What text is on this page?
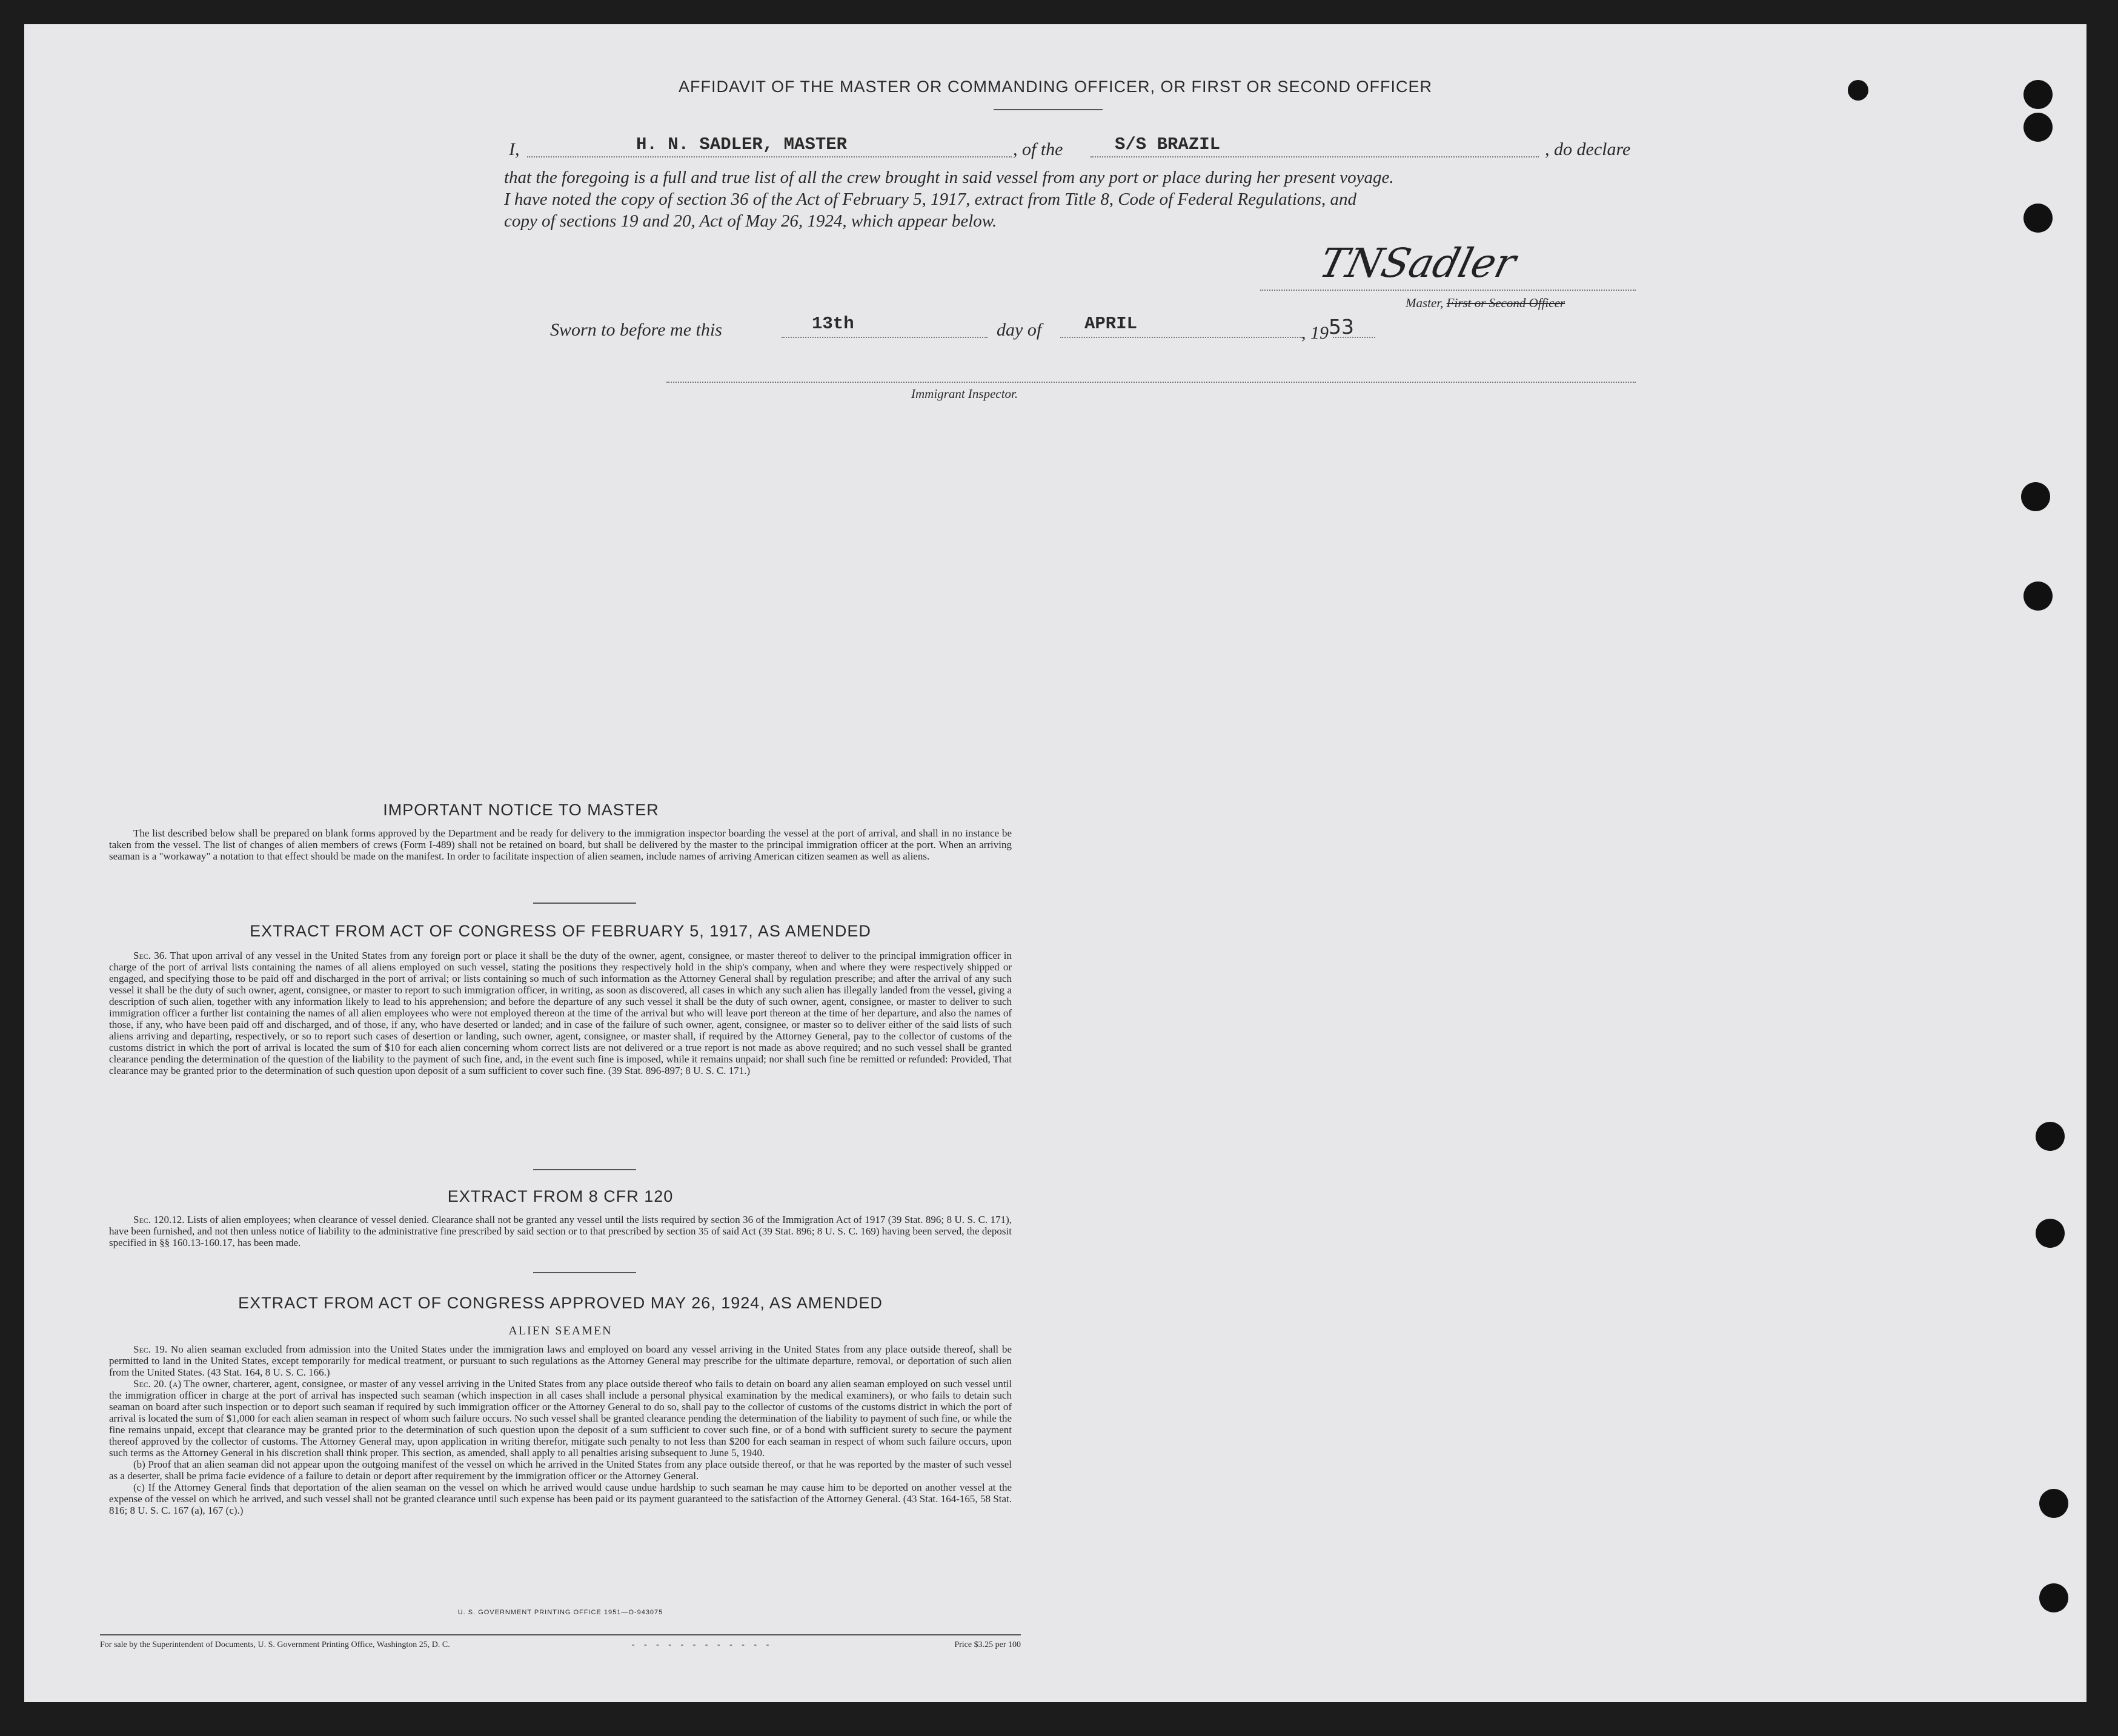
AFFIDAVIT OF THE MASTER OR COMMANDING OFFICER, OR FIRST OR SECOND OFFICER
I,	H. N. SADLER, MASTER	, of the	S/S BRAZIL	, do declare
that the foregoing is a full and true list of all the crew brought in said vessel from any port or place during her present voyage.
I have noted the copy of section 36 of the Act of February 5, 1917, extract from Title 8, Code of Federal Regulations, and
copy of sections 19 and 20, Act of May 26, 1924, which appear below.
TNSadler
Master, First or Second Officer
Sworn to before me this	13th	day of APRIL	, 1953
Immigrant Inspector.
IMPORTANT NOTICE TO MASTER

The list described below shall be prepared on blank forms approved by the Department and be ready for delivery to the immigration inspector boarding the vessel at the port of arrival, and shall in no instance be taken from the vessel. The list of changes of alien members of crews (Form I-489) shall not be retained on board, but shall be delivered by the master to the principal immigration officer at the port. When an arriving seaman is a "workaway" a notation to that effect should be made on the manifest. In order to facilitate inspection of alien seamen, include names of arriving American citizen seamen as well as aliens.

EXTRACT FROM ACT OF CONGRESS OF FEBRUARY 5, 1917, AS AMENDED

Sec. 36. That upon arrival of any vessel in the United States from any foreign port or place it shall be the duty of the owner, agent, consignee, or master thereof to deliver to the principal immigration officer in charge of the port of arrival lists containing the names of all aliens employed on such vessel, stating the positions they respectively hold in the ship's company, when and where they were respectively shipped or engaged, and specifying those to be paid off and discharged in the port of arrival; or lists containing so much of such information as the Attorney General shall by regulation prescribe; and after the arrival of any such vessel it shall be the duty of such owner, agent, consignee, or master to report to such immigration officer, in writing, as soon as discovered, all cases in which any such alien has illegally landed from the vessel, giving a description of such alien, together with any information likely to lead to his apprehension; and before the departure of any such vessel it shall be the duty of such owner, agent, consignee, or master to deliver to such immigration officer a further list containing the names of all alien employees who were not employed thereon at the time of the arrival but who will leave port thereon at the time of her departure, and also the names of those, if any, who have been paid off and discharged, and of those, if any, who have deserted or landed; and in case of the failure of such owner, agent, consignee, or master so to deliver either of the said lists of such aliens arriving and departing, respectively, or so to report such cases of desertion or landing, such owner, agent, consignee, or master shall, if required by the Attorney General, pay to the collector of customs of the customs district in which the port of arrival is located the sum of $10 for each alien concerning whom correct lists are not delivered or a true report is not made as above required; and no such vessel shall be granted clearance pending the determination of the question of the liability to the payment of such fine, and, in the event such fine is imposed, while it remains unpaid; nor shall such fine be remitted or refunded: Provided, That clearance may be granted prior to the determination of such question upon deposit of a sum sufficient to cover such fine. (39 Stat. 896-897; 8 U. S. C. 171.)

EXTRACT FROM 8 CFR 120

Sec. 120.12. Lists of alien employees; when clearance of vessel denied. Clearance shall not be granted any vessel until the lists required by section 36 of the Immigration Act of 1917 (39 Stat. 896; 8 U. S. C. 171), have been furnished, and not then unless notice of liability to the administrative fine prescribed by said section or to that prescribed by section 35 of said Act (39 Stat. 896; 8 U. S. C. 169) having been served, the deposit specified in §§ 160.13-160.17, has been made.

EXTRACT FROM ACT OF CONGRESS APPROVED MAY 26, 1924, AS AMENDED
ALIEN SEAMEN

Sec. 19. No alien seaman excluded from admission into the United States under the immigration laws and employed on board any vessel arriving in the United States from any place outside thereof, shall be permitted to land in the United States, except temporarily for medical treatment, or pursuant to such regulations as the Attorney General may prescribe for the ultimate departure, removal, or deportation of such alien from the United States. (43 Stat. 164, 8 U. S. C. 166.)

Sec. 20. (a) The owner, charterer, agent, consignee, or master of any vessel arriving in the United States from any place outside thereof who fails to detain on board any alien seaman employed on such vessel until the immigration officer in charge at the port of arrival has inspected such seaman (which inspection in all cases shall include a personal physical examination by the medical examiners), or who fails to detain such seaman on board after such inspection or to deport such seaman if required by such immigration officer or the Attorney General to do so, shall pay to the collector of customs of the customs district in which the port of arrival is located the sum of $1,000 for each alien seaman in respect of whom such failure occurs. No such vessel shall be granted clearance pending the determination of the liability to payment of such fine, or while the fine remains unpaid, except that clearance may be granted prior to the determination of such question upon the deposit of a sum sufficient to cover such fine, or of a bond with sufficient surety to secure the payment thereof approved by the collector of customs. The Attorney General may, upon application in writing therefor, mitigate such penalty to not less than $200 for each seaman in respect of whom such failure occurs, upon such terms as the Attorney General in his discretion shall think proper. This section, as amended, shall apply to all penalties arising subsequent to June 5, 1940.

(b) Proof that an alien seaman did not appear upon the outgoing manifest of the vessel on which he arrived in the United States from any place outside thereof, or that he was reported by the master of such vessel as a deserter, shall be prima facie evidence of a failure to detain or deport after requirement by the immigration officer or the Attorney General.

(c) If the Attorney General finds that deportation of the alien seaman on the vessel on which he arrived would cause undue hardship to such seaman he may cause him to be deported on another vessel at the expense of the vessel on which he arrived, and such vessel shall not be granted clearance until such expense has been paid or its payment guaranteed to the satisfaction of the Attorney General. (43 Stat. 164-165, 58 Stat. 816; 8 U. S. C. 167 (a), 167 (c).)

U. S. GOVERNMENT PRINTING OFFICE 1951—O-943075
For sale by the Superintendent of Documents, U. S. Government Printing Office, Washington 25, D. C.	- - - - - - - - - - - -	Price $3.25 per 100
